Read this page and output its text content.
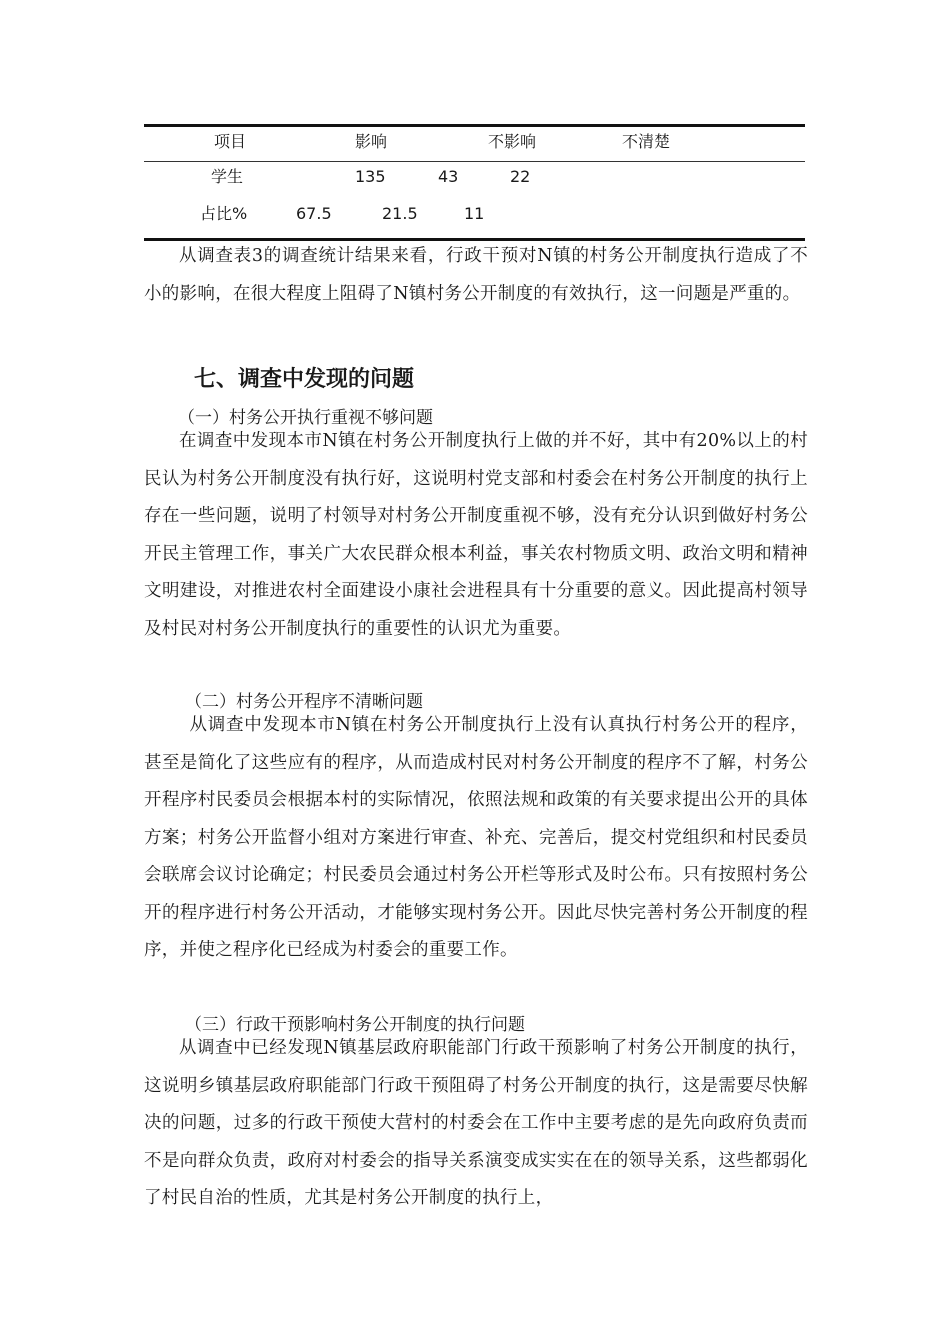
项目	影响	不影响	不清楚
学生	135	43	22
占比%	67.5	21.5	11

从调查表3的调查统计结果来看，行政干预对N镇的村务公开制度执行造成了不小的影响，在很大程度上阻碍了N镇村务公开制度的有效执行，这一问题是严重的。

七、调查中发现的问题
（一）村务公开执行重视不够问题

在调查中发现本市N镇在村务公开制度执行上做的并不好，其中有20%以上的村民认为村务公开制度没有执行好，这说明村党支部和村委会在村务公开制度的执行上存在一些问题，说明了村领导对村务公开制度重视不够，没有充分认识到做好村务公开民主管理工作，事关广大农民群众根本利益，事关农村物质文明、政治文明和精神文明建设，对推进农村全面建设小康社会进程具有十分重要的意义。因此提高村领导及村民对村务公开制度执行的重要性的认识尤为重要。

（二）村务公开程序不清晰问题

从调查中发现本市N镇在村务公开制度执行上没有认真执行村务公开的程序，甚至是简化了这些应有的程序，从而造成村民对村务公开制度的程序不了解，村务公开程序村民委员会根据本村的实际情况，依照法规和政策的有关要求提出公开的具体方案；村务公开监督小组对方案进行审查、补充、完善后，提交村党组织和村民委员会联席会议讨论确定；村民委员会通过村务公开栏等形式及时公布。只有按照村务公开的程序进行村务公开活动，才能够实现村务公开。因此尽快完善村务公开制度的程序，并使之程序化已经成为村委会的重要工作。

（三）行政干预影响村务公开制度的执行问题

从调查中已经发现N镇基层政府职能部门行政干预影响了村务公开制度的执行，这说明乡镇基层政府职能部门行政干预阻碍了村务公开制度的执行，这是需要尽快解决的问题，过多的行政干预使大营村的村委会在工作中主要考虑的是先向政府负责而不是向群众负责，政府对村委会的指导关系演变成实实在在的领导关系，这些都弱化了村民自治的性质，尤其是村务公开制度的执行上，
